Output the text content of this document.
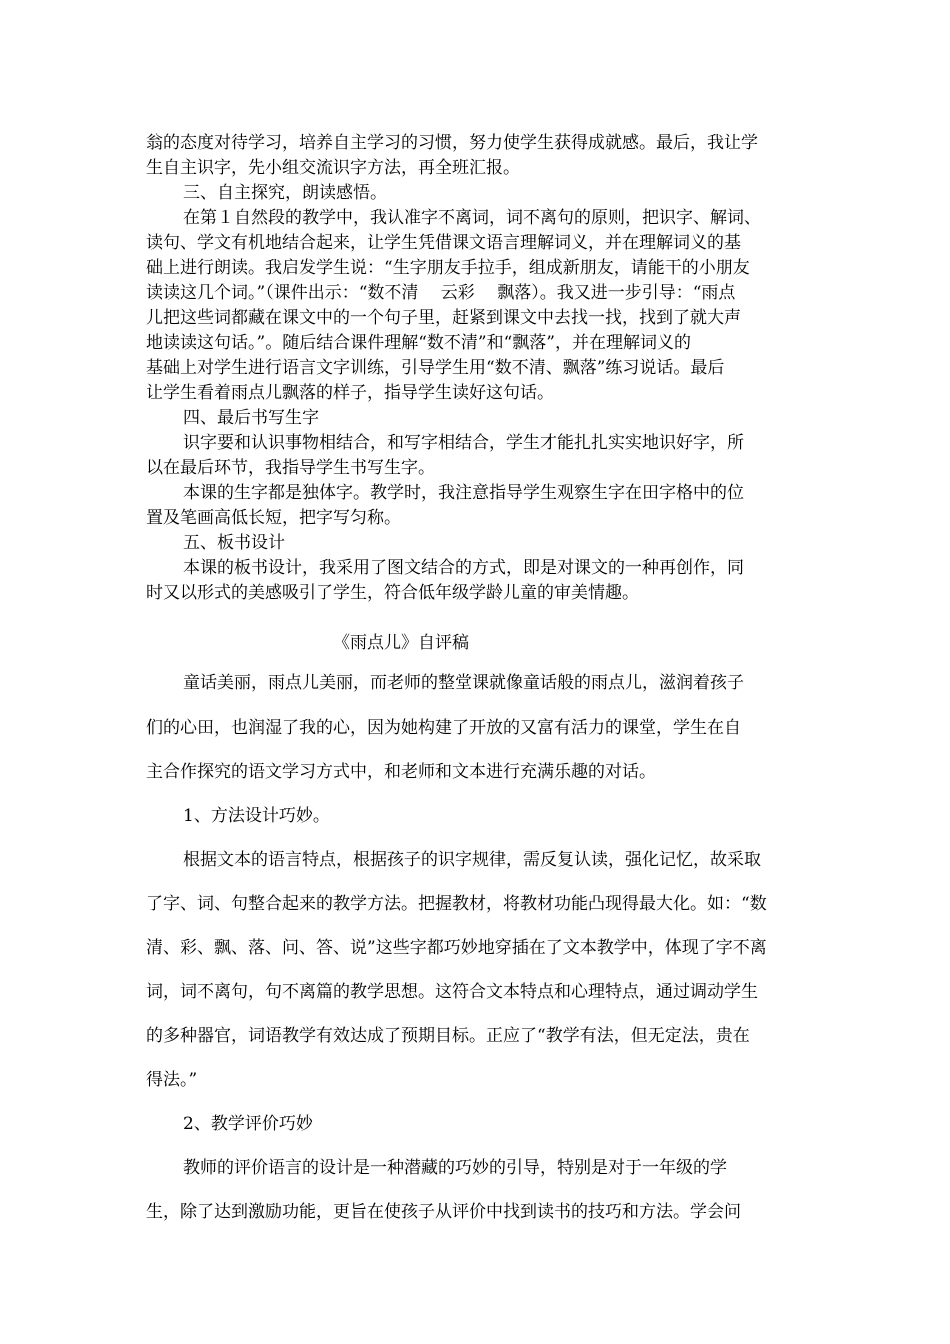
翁的态度对待学习，培养自主学习的习惯，努力使学生获得成就感。最后，我让学
生自主识字，先小组交流识字方法，再全班汇报。
三、自主探究，朗读感悟。
在第１自然段的教学中，我认准字不离词，词不离句的原则，把识字、解词、
读句、学文有机地结合起来，让学生凭借课文语言理解词义，并在理解词义的基
础上进行朗读。我启发学生说：“生字朋友手拉手，组成新朋友，请能干的小朋友
读读这几个词。”（课件出示：“数不清　 云彩　 飘落）。我又进一步引导：“雨点
儿把这些词都藏在课文中的一个句子里，赶紧到课文中去找一找，找到了就大声
地读读这句话。”。随后结合课件理解“数不清”和“飘落”，并在理解词义的
基础上对学生进行语言文字训练，引导学生用“数不清、飘落”练习说话。最后
让学生看着雨点儿飘落的样子，指导学生读好这句话。
四、最后书写生字
识字要和认识事物相结合，和写字相结合，学生才能扎扎实实地识好字，所
以在最后环节，我指导学生书写生字。
本课的生字都是独体字。教学时，我注意指导学生观察生字在田字格中的位
置及笔画高低长短，把字写匀称。
五、板书设计
本课的板书设计，我采用了图文结合的方式，即是对课文的一种再创作，同
时又以形式的美感吸引了学生，符合低年级学龄儿童的审美情趣。
《雨点儿》自评稿
童话美丽，雨点儿美丽，而老师的整堂课就像童话般的雨点儿，滋润着孩子
们的心田，也润湿了我的心，因为她构建了开放的又富有活力的课堂，学生在自
主合作探究的语文学习方式中，和老师和文本进行充满乐趣的对话。
1、方法设计巧妙。
根据文本的语言特点，根据孩子的识字规律，需反复认读，强化记忆，故采取
了字、词、句整合起来的教学方法。把握教材，将教材功能凸现得最大化。如：“数
清、彩、飘、落、问、答、说”这些字都巧妙地穿插在了文本教学中，体现了字不离
词，词不离句，句不离篇的教学思想。这符合文本特点和心理特点，通过调动学生
的多种器官，词语教学有效达成了预期目标。正应了“教学有法，但无定法，贵在
得法。”
2、教学评价巧妙
教师的评价语言的设计是一种潜藏的巧妙的引导，特别是对于一年级的学
生，除了达到激励功能，更旨在使孩子从评价中找到读书的技巧和方法。学会问
